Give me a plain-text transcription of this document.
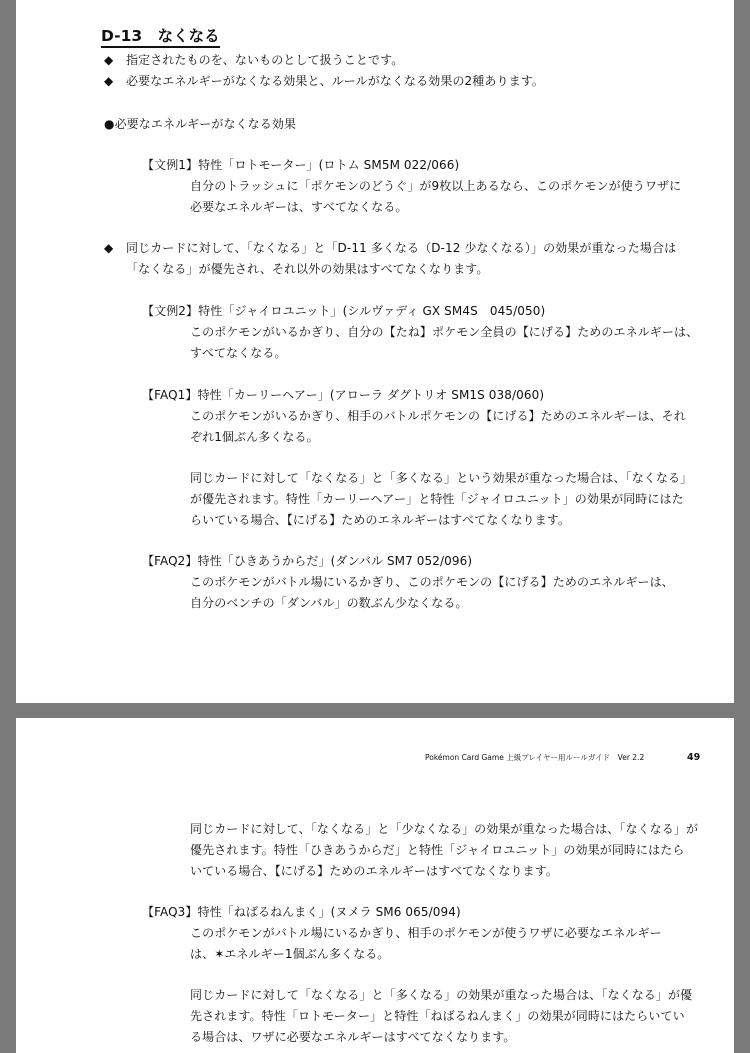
D-13　なくなる
◆ 指定されたものを、ないものとして扱うことです。
◆ 必要なエネルギーがなくなる効果と、ルールがなくなる効果の2種あります。
●必要なエネルギーがなくなる効果
【文例1】特性「ロトモーター」(ロトム SM5M 022/066)
自分のトラッシュに「ポケモンのどうぐ」が9枚以上あるなら、このポケモンが使うワザに
必要なエネルギーは、すべてなくなる。
◆ 同じカードに対して、「なくなる」と「D-11 多くなる（D-12 少なくなる）」の効果が重なった場合は
「なくなる」が優先され、それ以外の効果はすべてなくなります。
【文例2】特性「ジャイロユニット」(シルヴァディ GX SM4S　045/050)
このポケモンがいるかぎり、自分の【たね】ポケモン全員の【にげる】ためのエネルギーは、
すべてなくなる。
【FAQ1】特性「カーリーヘアー」(アローラ ダグトリオ SM1S 038/060)
このポケモンがいるかぎり、相手のバトルポケモンの【にげる】ためのエネルギーは、それ
ぞれ1個ぶん多くなる。
同じカードに対して「なくなる」と「多くなる」という効果が重なった場合は、「なくなる」
が優先されます。特性「カーリーヘアー」と特性「ジャイロユニット」の効果が同時にはた
らいている場合、【にげる】ためのエネルギーはすべてなくなります。
【FAQ2】特性「ひきあうからだ」(ダンバル SM7 052/096)
このポケモンがバトル場にいるかぎり、このポケモンの【にげる】ためのエネルギーは、
自分のベンチの「ダンバル」の数ぶん少なくなる。
Pokémon Card Game 上級プレイヤー用ルールガイド　Ver 2.2	49
同じカードに対して、「なくなる」と「少なくなる」の効果が重なった場合は、「なくなる」が
優先されます。特性「ひきあうからだ」と特性「ジャイロユニット」の効果が同時にはたら
いている場合、【にげる】ためのエネルギーはすべてなくなります。
【FAQ3】特性「ねばるねんまく」(ヌメラ SM6 065/094)
このポケモンがバトル場にいるかぎり、相手のポケモンが使うワザに必要なエネルギー
は、✶エネルギー1個ぶん多くなる。
同じカードに対して「なくなる」と「多くなる」の効果が重なった場合は、「なくなる」が優
先されます。特性「ロトモーター」と特性「ねばるねんまく」の効果が同時にはたらいてい
る場合は、ワザに必要なエネルギーはすべてなくなります。
